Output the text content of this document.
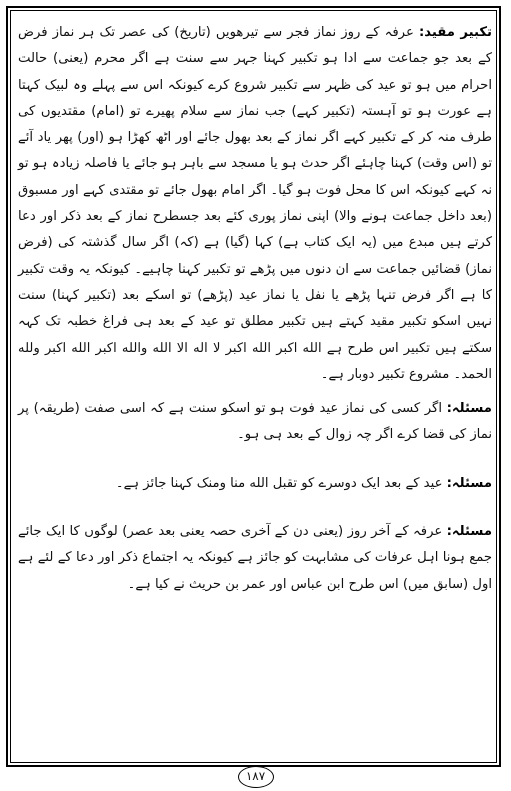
تکبیر مقید: عرفہ کے روز نماز فجر سے تیرھویں (تاریخ) کی عصر تک ہر نماز فرض کے بعد جو جماعت سے ادا ہو تکبیر کہنا جہر سے سنت ہے اگر محرم (یعنی) حالت احرام میں ہو تو عید کی ظہر سے تکبیر شروع کرے کیونکہ اس سے پہلے وہ لبیک کہتا ہے عورت ہو تو آہستہ (تکبیر کہے) جب نماز سے سلام پھیرے تو (امام) مقتدیوں کی طرف منہ کر کے تکبیر کہے اگر نماز کے بعد بھول جائے اور اٹھ کھڑا ہو (اور) پھر یاد آئے تو (اس وقت) کہنا چاہئے اگر حدث ہو یا مسجد سے باہر ہو جائے یا فاصلہ زیادہ ہو تو نہ کہے کیونکہ اس کا محل فوت ہو گیا۔ اگر امام بھول جائے تو مقتدی کہے اور مسبوق (بعد داخل جماعت ہونے والا) اپنی نماز پوری کئے بعد جسطرح نماز کے بعد ذکر اور دعا کرتے ہیں مبدع میں (یہ ایک کتاب ہے) کہا (گیا) ہے (کہ) اگر سال گذشتہ کی (فرض نماز) قضائیں جماعت سے ان دنوں میں پڑھے تو تکبیر کہنا چاہیے۔ کیونکہ یہ وقت تکبیر کا ہے اگر فرض تنہا پڑھے یا نفل یا نماز عید (پڑھے) تو اسکے بعد (تکبیر کہنا) سنت نہیں اسکو تکبیر مقید کہتے ہیں تکبیر مطلق تو عید کے بعد ہی فراغ خطبہ تک کہہ سکتے ہیں تکبیر اس طرح ہے الله اکبر الله اکبر لا اله الا الله والله اکبر الله اکبر ولله الحمد۔ مشروع تکبیر دوبار ہے۔

مسئلہ: اگر کسی کی نماز عید فوت ہو تو اسکو سنت ہے کہ اسی صفت (طریقہ) پر نماز کی قضا کرے اگر چہ زوال کے بعد ہی ہو۔

مسئلہ: عید کے بعد ایک دوسرے کو تقبل الله منا ومنک کہنا جائز ہے۔

مسئلہ: عرفہ کے آخر روز (یعنی دن کے آخری حصہ یعنی بعد عصر) لوگوں کا ایک جائے جمع ہونا اہل عرفات کی مشابہت کو جائز ہے کیونکہ یہ اجتماع ذکر اور دعا کے لئے ہے اول (سابق میں) اس طرح ابن عباس اور عمر بن حریث نے کیا ہے۔

۱۸۷
